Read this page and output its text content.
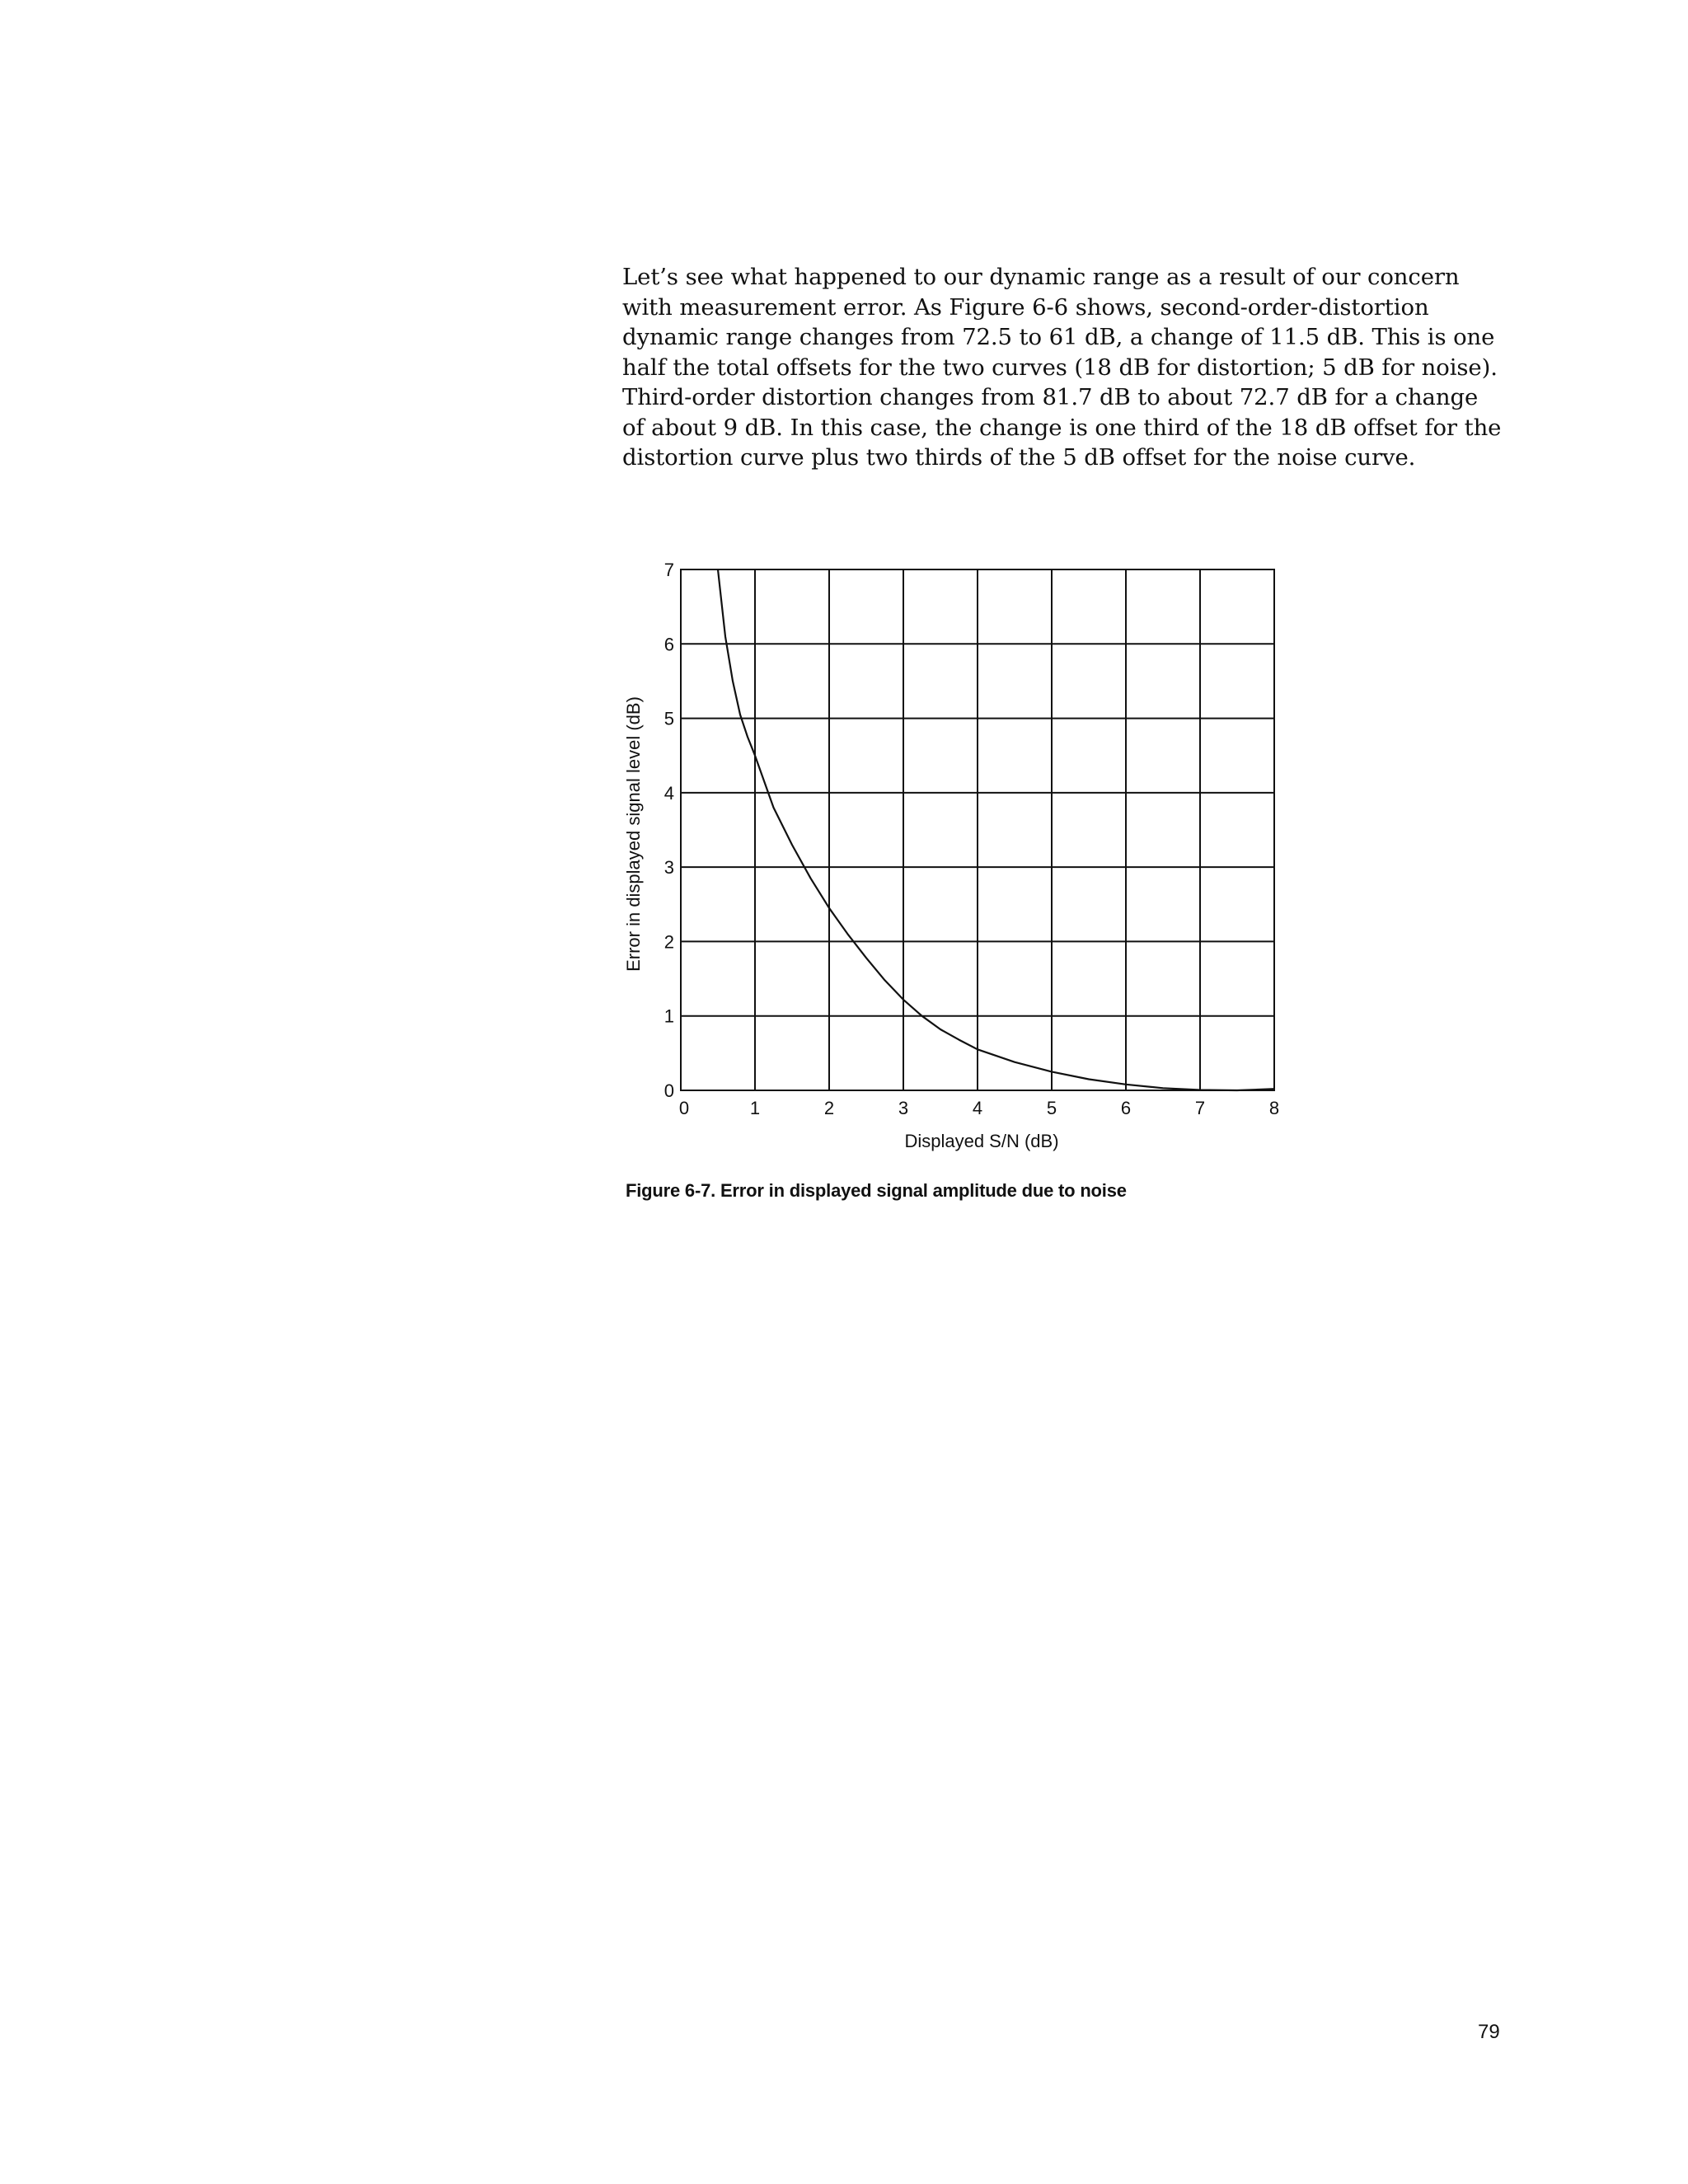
Let’s see what happened to our dynamic range as a result of our concern
with measurement error. As Figure 6-6 shows, second-order-distortion
dynamic range changes from 72.5 to 61 dB, a change of 11.5 dB. This is one
half the total offsets for the two curves (18 dB for distortion; 5 dB for noise).
Third-order distortion changes from 81.7 dB to about 72.7 dB for a change
of about 9 dB. In this case, the change is one third of the 18 dB offset for the
distortion curve plus two thirds of the 5 dB offset for the noise curve.
0	1	2	3	4	5	6	7	8
0
1
2
3
4
5
6
7
Displayed S/N (dB)
Error in displayed signal level (dB)
Figure 6-7. Error in displayed signal amplitude due to noise
79
